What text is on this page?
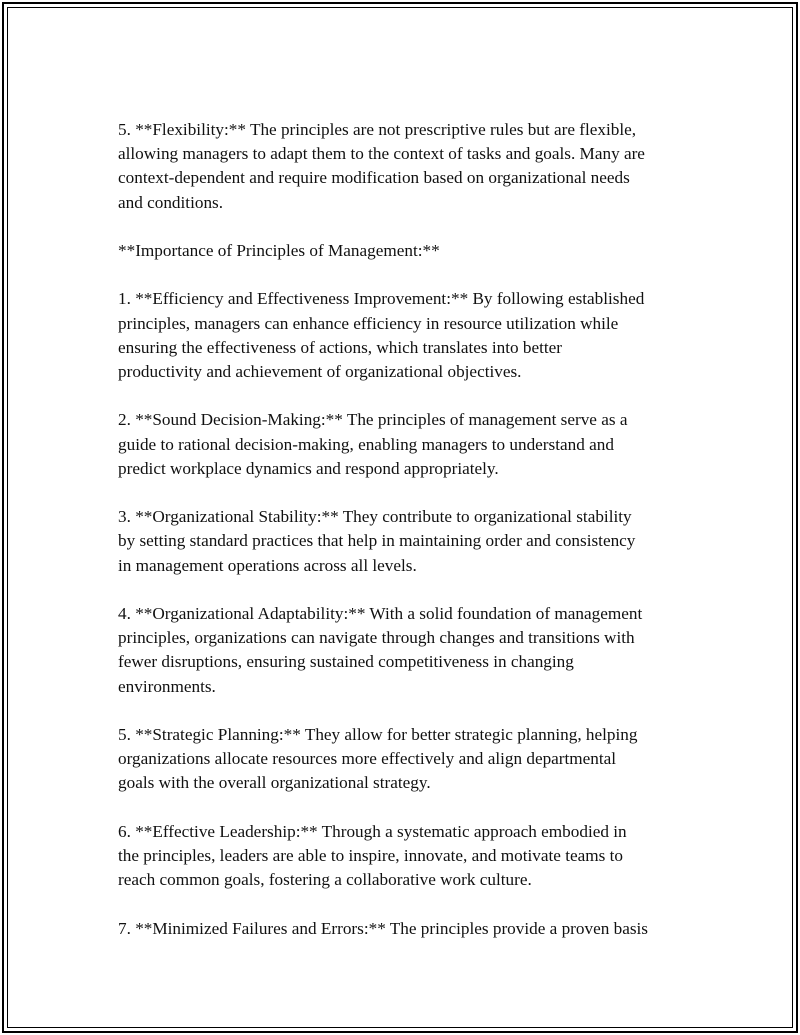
5. **Flexibility:** The principles are not prescriptive rules but are flexible,
allowing managers to adapt them to the context of tasks and goals. Many are
context-dependent and require modification based on organizational needs
and conditions.

**Importance of Principles of Management:**

1. **Efficiency and Effectiveness Improvement:** By following established
principles, managers can enhance efficiency in resource utilization while
ensuring the effectiveness of actions, which translates into better
productivity and achievement of organizational objectives.

2. **Sound Decision-Making:** The principles of management serve as a
guide to rational decision-making, enabling managers to understand and
predict workplace dynamics and respond appropriately.

3. **Organizational Stability:** They contribute to organizational stability
by setting standard practices that help in maintaining order and consistency
in management operations across all levels.

4. **Organizational Adaptability:** With a solid foundation of management
principles, organizations can navigate through changes and transitions with
fewer disruptions, ensuring sustained competitiveness in changing
environments.

5. **Strategic Planning:** They allow for better strategic planning, helping
organizations allocate resources more effectively and align departmental
goals with the overall organizational strategy.

6. **Effective Leadership:** Through a systematic approach embodied in
the principles, leaders are able to inspire, innovate, and motivate teams to
reach common goals, fostering a collaborative work culture.

7. **Minimized Failures and Errors:** The principles provide a proven basis
